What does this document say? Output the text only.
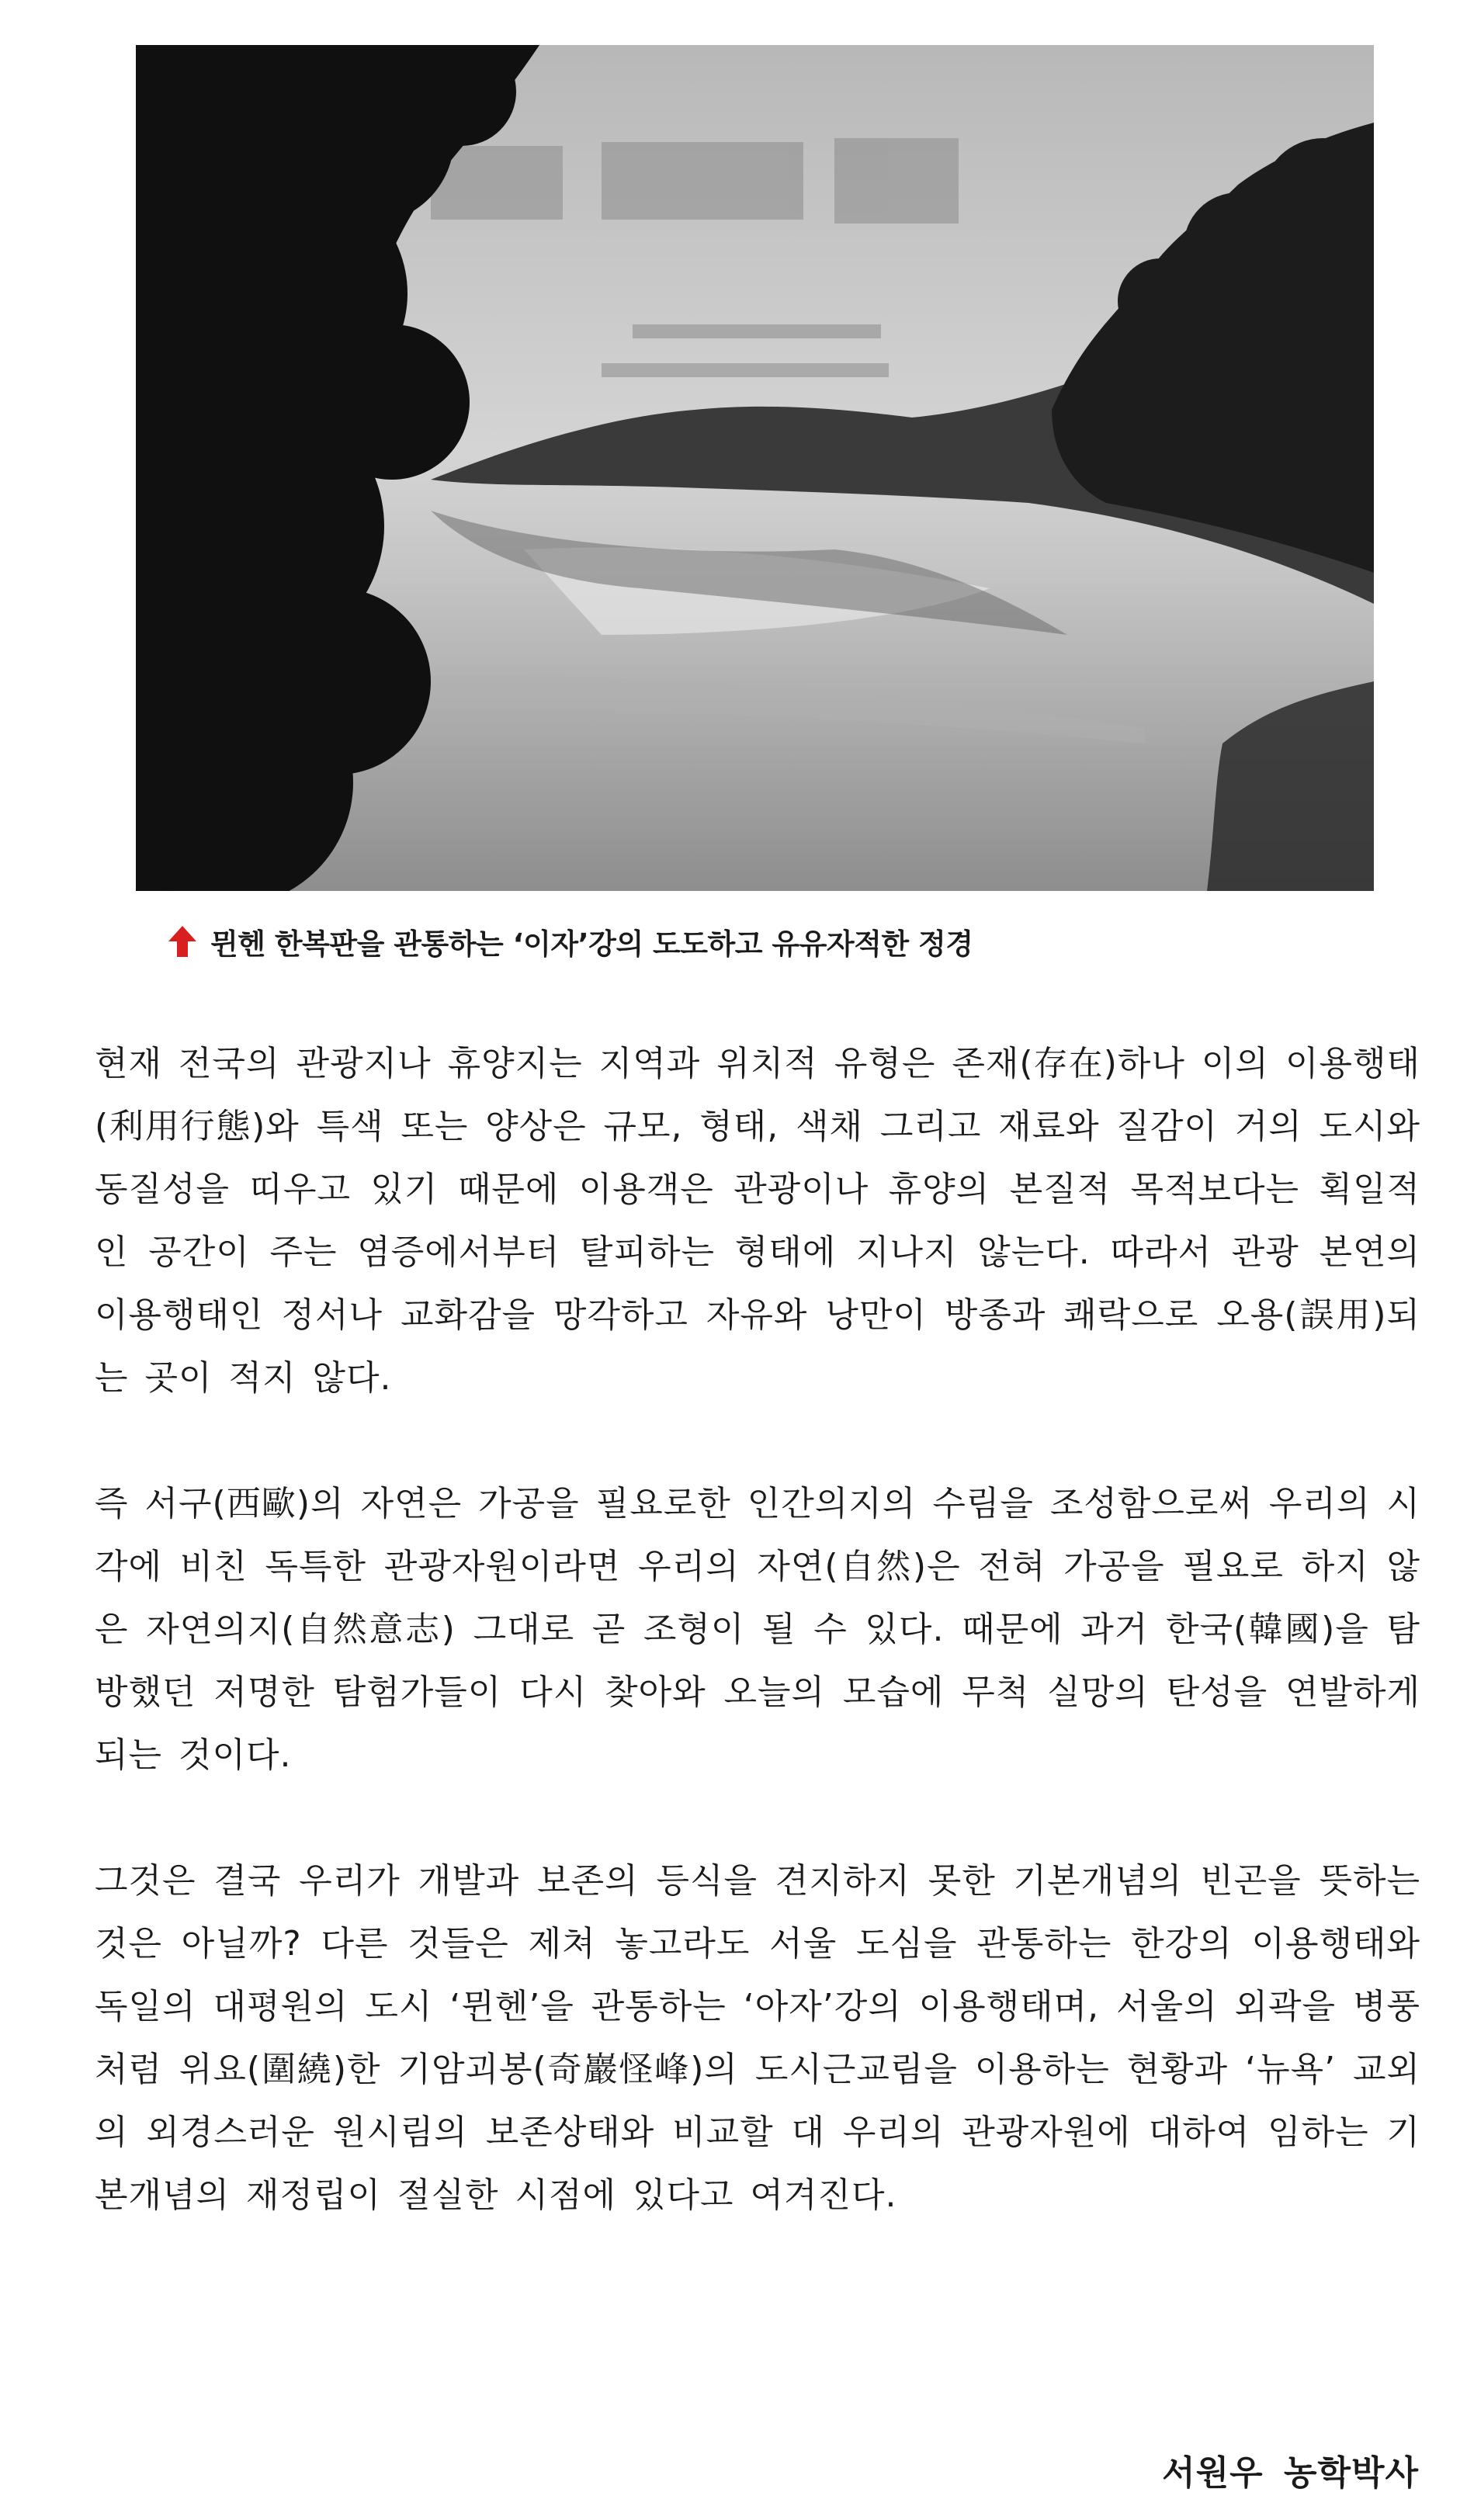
뮌헨 한복판을 관통하는 ‘이자’강의 도도하고 유유자적한 정경

현재 전국의 관광지나 휴양지는 지역과 위치적 유형은 존재(存在)하나 이의 이용행태(利用行態)와 특색 또는 양상은 규모, 형태, 색채 그리고 재료와 질감이 거의 도시와 동질성을 띠우고 있기 때문에 이용객은 관광이나 휴양의 본질적 목적보다는 획일적인 공간이 주는 염증에서부터 탈피하는 형태에 지나지 않는다. 따라서 관광 본연의 이용행태인 정서나 교화감을 망각하고 자유와 낭만이 방종과 쾌락으로 오용(誤用)되는 곳이 적지 않다.

즉 서구(西歐)의 자연은 가공을 필요로한 인간의지의 수림을 조성함으로써 우리의 시각에 비친 독특한 관광자원이라면 우리의 자연(自然)은 전혀 가공을 필요로 하지 않은 자연의지(自然意志) 그대로 곧 조형이 될 수 있다. 때문에 과거 한국(韓國)을 탐방했던 저명한 탐험가들이 다시 찾아와 오늘의 모습에 무척 실망의 탄성을 연발하게 되는 것이다.

그것은 결국 우리가 개발과 보존의 등식을 견지하지 못한 기본개념의 빈곤을 뜻하는 것은 아닐까? 다른 것들은 제쳐 놓고라도 서울 도심을 관통하는 한강의 이용행태와 독일의 대평원의 도시 ‘뮌헨’을 관통하는 ‘아자’강의 이용행태며, 서울의 외곽을 병풍처럼 위요(圍繞)한 기암괴봉(奇巖怪峰)의 도시근교림을 이용하는 현황과 ‘뉴욕’ 교외의 외경스러운 원시림의 보존상태와 비교할 대 우리의 관광자원에 대하여 임하는 기본개념의 재정립이 절실한 시점에 있다고 여겨진다.

서원우 농학박사
